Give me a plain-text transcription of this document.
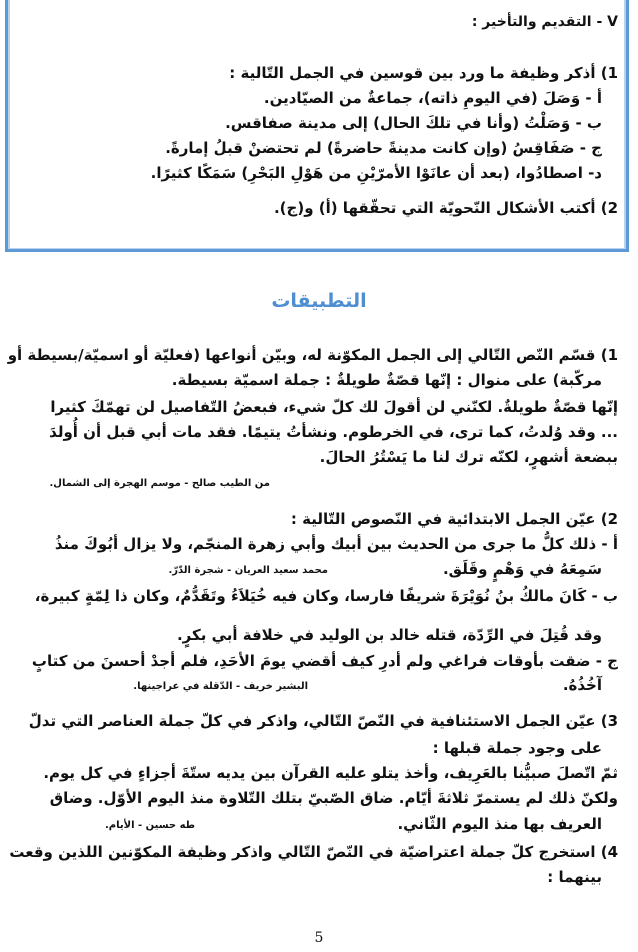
V - التقديم والتأخير :
1) أذكر وظيفة ما ورد بين قوسين في الجمل التّالية :
أ - وَصَلَ (في اليومِ ذاته)، جماعةٌ من الصيّادين.
ب - وَصَلْتُ (وأنا في تلكَ الحال) إلى مدينة صفاقس.
ج - صَفَاقِسُ (وإن كانت مدينةً حاضرةً) لم تحتضنْ قبلُ إمارةً.
د- اصطادُوا، (بعد أن عانَوْا الأمرّيْنِ من هَوْلِ البَحْرِ) سَمَكًا كثيرًا.
2) أكتب الأشكال النّحويّة التي تحقّقها (أ) و(ج).
التطبيقات
1) قسّم النّص التّالي إلى الجمل المكوّنة له، وبيّن أنواعها (فعليّة أو اسميّة/بسيطة أو
مركّبة) على منوال : إنّها قصّةٌ طويلةٌ : جملة اسميّة بسيطة.
إنّها قصّةٌ طويلةٌ. لكنّني لن أقولَ لك كلّ شيء، فبعضُ التّفاصيل لن تهمّكَ كثيرا
... وقد وُلدتُ، كما ترى، في الخرطوم. ونشأتُ يتيمًا. فقد مات أبي قبل أن أُولدَ
ببضعة أشهرٍ، لكنّه ترك لنا ما يَسْتُرُ الحالَ.
من الطيب صالح - موسم الهجرة إلى الشمال.
2) عيّن الجمل الابتدائية في النّصوص التّالية :
أ - ذلك كلُّ ما جرى من الحديث بين أبيك وأبي زهرة المنجّم، ولا يزال أبُوكَ منذُ
سَمِعَهُ في وَهْمٍ وقَلَق.
محمد سعيد العريان - شجرة الدّرّ.
ب - كَانَ مالكُ بنُ نُوَيْرَةَ شريفًا فارسا، وكان فيه خُيَلاَءُ وتَقَدُّمٌ، وكان ذا لِمّةٍ كبيرة،
وقد قُتِلَ في الرِّدّة، قتله خالد بن الوليد في خلافة أبي بكرٍ.
ج - ضقت بأوقات فراغي ولم أدرِ كيف أقضي يومَ الأحَدِ، فلم أجدْ أحسنَ من كتابٍ
آخُذُهُ.
البشير خريف - الدّقلة في عراجينها.
3) عيّن الجمل الاستئنافية في النّصّ التّالي، واذكر في كلّ جملة العناصر التي تدلّ
على وجود جملة قبلها :
ثمّ اتّصلَ صبيُّنا بالعَرِيف، وأخذ يتلو عليه القرآن بين يديه ستّةَ أجزاءٍ في كل يوم.
ولكنّ ذلك لم يستمرّ ثلاثةَ أيّام. ضاق الصّبيّ بتلك التّلاوة منذ اليوم الأوّل. وضاق
العريف بها منذ اليوم الثّاني.
طه حسين - الأيام.
4) استخرج كلّ جملة اعتراضيّة في النّصّ التّالي واذكر وظيفة المكوّنين اللذين وقعت
بينهما :
5
